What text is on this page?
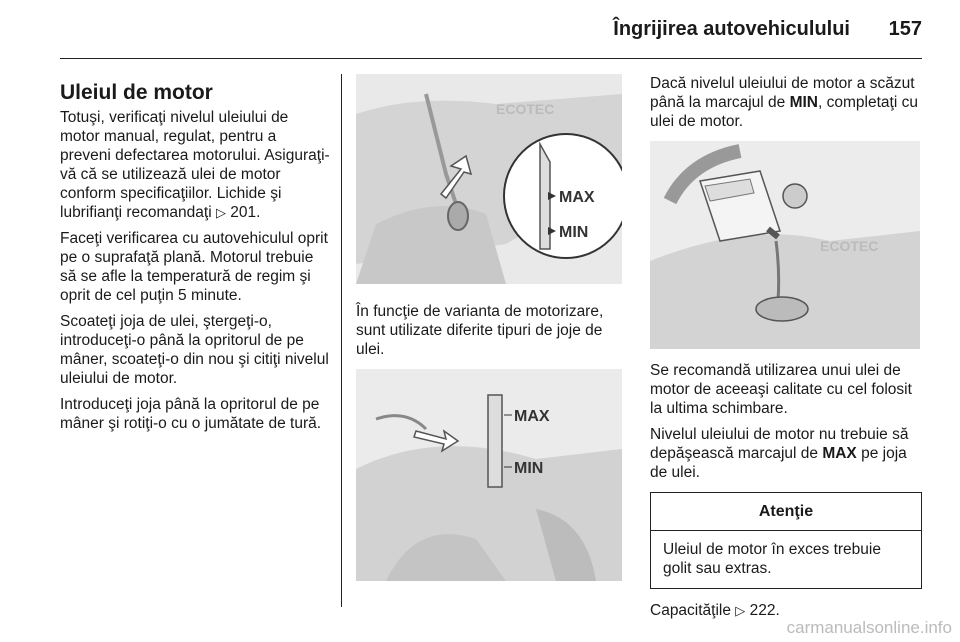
Îngrijirea autovehiculului	157
Uleiul de motor

Totuşi, verificaţi nivelul uleiului de motor manual, regulat, pentru a preveni defectarea motorului. Asiguraţi-vă că se utilizează ulei de motor conform specificaţiilor. Lichide şi lubrifianţi recomandaţi ▷ 201.

Faceţi verificarea cu autovehiculul oprit pe o suprafaţă plană. Motorul trebuie să se afle la temperatură de regim şi oprit de cel puţin 5 minute.

Scoateţi joja de ulei, ştergeţi-o, introduceţi-o până la opritorul de pe mâner, scoateţi-o din nou şi citiţi nivelul uleiului de motor.

Introduceţi joja până la opritorul de pe mâner şi rotiţi-o cu o jumătate de tură.

ECOTEC
MAX
MIN

În funcţie de varianta de motorizare, sunt utilizate diferite tipuri de joje de ulei.

MAX
MIN

Dacă nivelul uleiului de motor a scăzut până la marcajul de MIN, completaţi cu ulei de motor.

ECOTEC

Se recomandă utilizarea unui ulei de motor de aceeaşi calitate cu cel folosit la ultima schimbare.

Nivelul uleiului de motor nu trebuie să depăşească marcajul de MAX pe joja de ulei.

Atenţie
Uleiul de motor în exces trebuie golit sau extras.

Capacităţile ▷ 222.

carmanualsonline.info
